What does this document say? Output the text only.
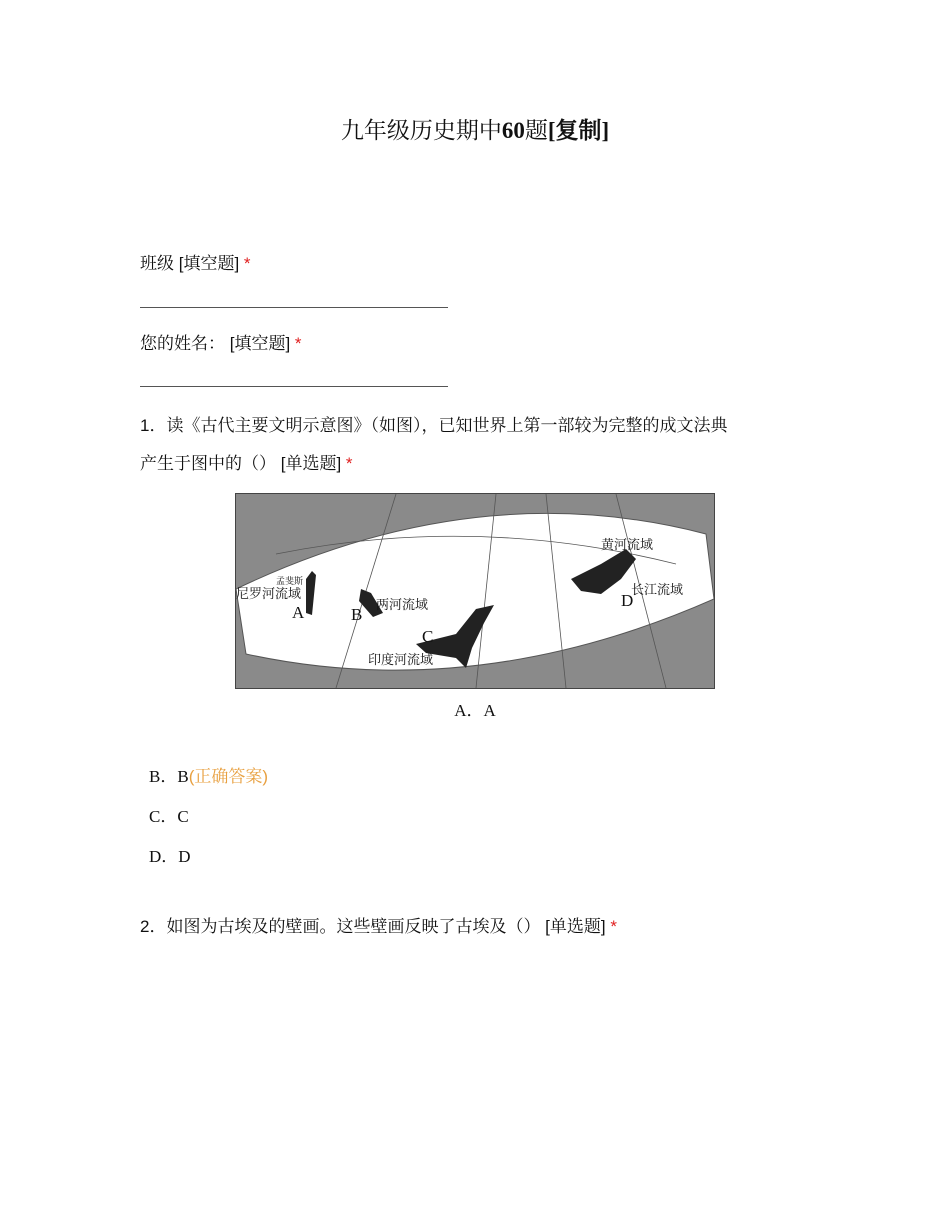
九年级历史期中60题[复制]
班级 [填空题] *
您的姓名： [填空题] *
1．读《古代主要文明示意图》（如图），已知世界上第一部较为完整的成文法典
产生于图中的（） [单选题] *
尼罗河流域
两河流域
印度河流域
黄河流域
长江流域
孟斐斯
A	B
C
D
A．A
B．B(正确答案)
C．C
D．D
2．如图为古埃及的壁画。这些壁画反映了古埃及（） [单选题] *
